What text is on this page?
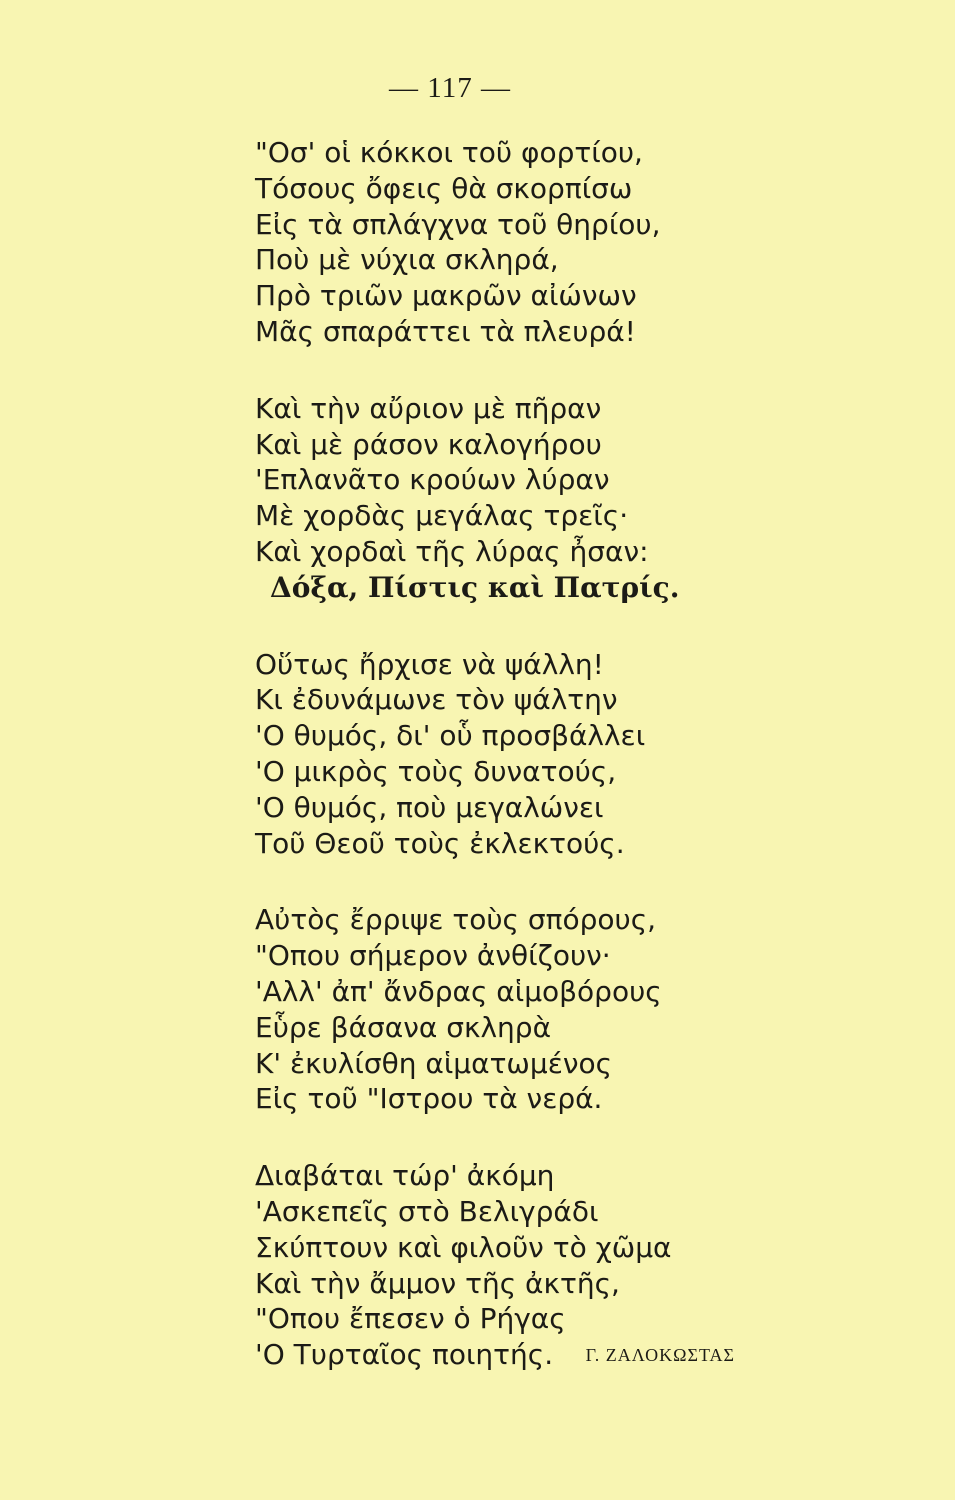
— 117 —
"Οσ' οἱ κόκκοι τοῦ φορτίου,
Τόσους ὄφεις θὰ σκορπίσω
Εἰς τὰ σπλάγχνα τοῦ θηρίου,
Ποὺ μὲ νύχια σκληρά,
Πρὸ τριῶν μακρῶν αἰώνων
Μᾶς σπαράττει τὰ πλευρά!
Καὶ τὴν αὔριον μὲ πῆραν
Καὶ μὲ ράσον καλογήρου
'Επλανᾶτο κρούων λύραν
Μὲ χορδὰς μεγάλας τρεῖς·
Καὶ χορδαὶ τῆς λύρας ἦσαν:
Δόξα, Πίστις καὶ Πατρίς.
Οὕτως ἤρχισε νὰ ψάλλη!
Κι ἐδυνάμωνε τὸν ψάλτην
'Ο θυμός, δι' οὗ προσβάλλει
'Ο μικρὸς τοὺς δυνατούς,
'Ο θυμός, ποὺ μεγαλώνει
Τοῦ Θεοῦ τοὺς ἐκλεκτούς.
Αὐτὸς ἔρριψε τοὺς σπόρους,
"Οπου σήμερον ἀνθίζουν·
'Αλλ' ἀπ' ἄνδρας αἱμοβόρους
Εὗρε βάσανα σκληρὰ
Κ' ἐκυλίσθη αἱματωμένος
Εἰς τοῦ "Ιστρου τὰ νερά.
Διαβάται τώρ' ἀκόμη
'Ασκεπεῖς στὸ Βελιγράδι
Σκύπτουν καὶ φιλοῦν τὸ χῶμα
Καὶ τὴν ἄμμον τῆς ἀκτῆς,
"Οπου ἔπεσεν ὁ Ρήγας
'Ο Τυρταῖος ποιητής.	Γ. ΖΑΛΟΚΩΣΤΑΣ
